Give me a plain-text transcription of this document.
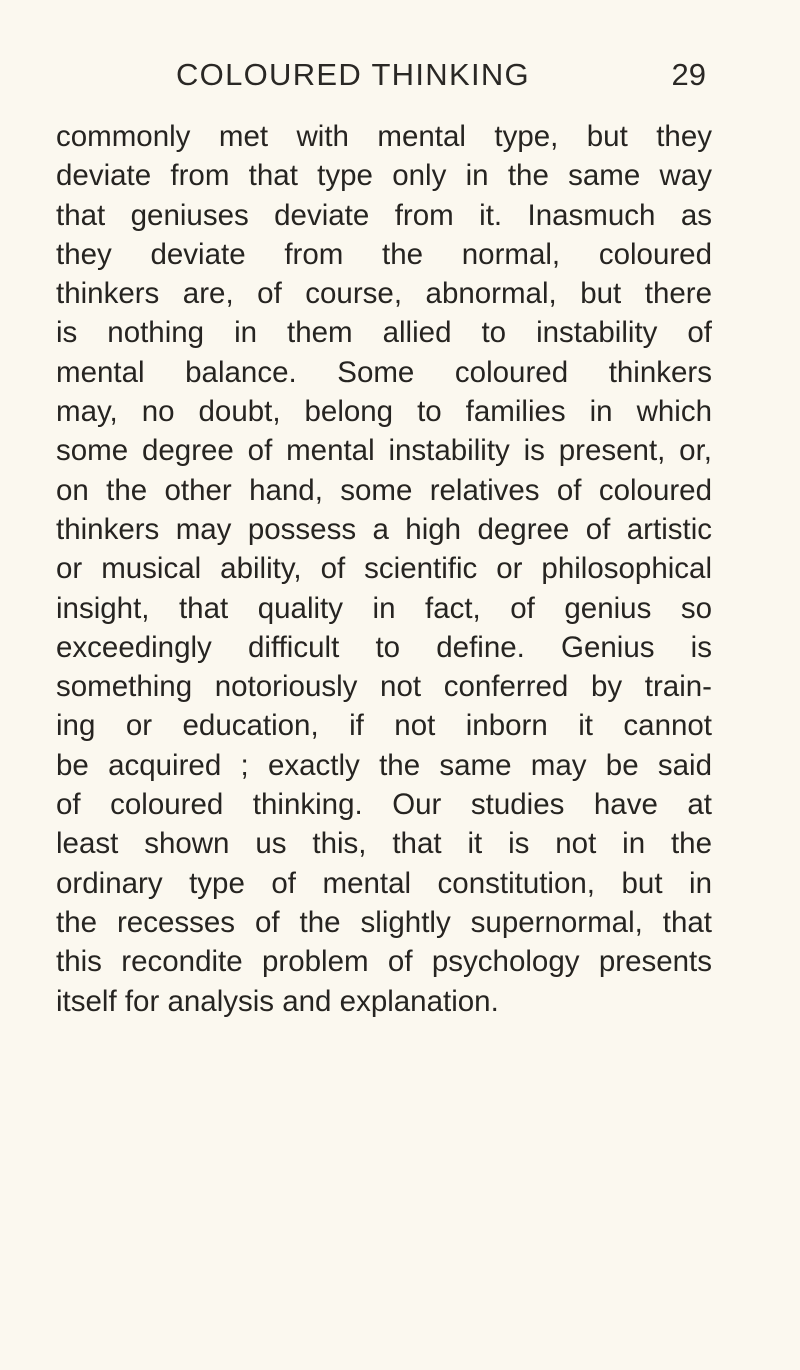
COLOURED THINKING	29
commonly met with mental type, but they
deviate from that type only in the same way
that geniuses deviate from it. Inasmuch as
they deviate from the normal, coloured
thinkers are, of course, abnormal, but there
is nothing in them allied to instability of
mental balance. Some coloured thinkers
may, no doubt, belong to families in which
some degree of mental instability is present, or,
on the other hand, some relatives of coloured
thinkers may possess a high degree of artistic
or musical ability, of scientific or philosophical
insight, that quality in fact, of genius so
exceedingly difficult to define. Genius is
something notoriously not conferred by train-
ing or education, if not inborn it cannot
be acquired ; exactly the same may be said
of coloured thinking. Our studies have at
least shown us this, that it is not in the
ordinary type of mental constitution, but in
the recesses of the slightly supernormal, that
this recondite problem of psychology presents
itself for analysis and explanation.
